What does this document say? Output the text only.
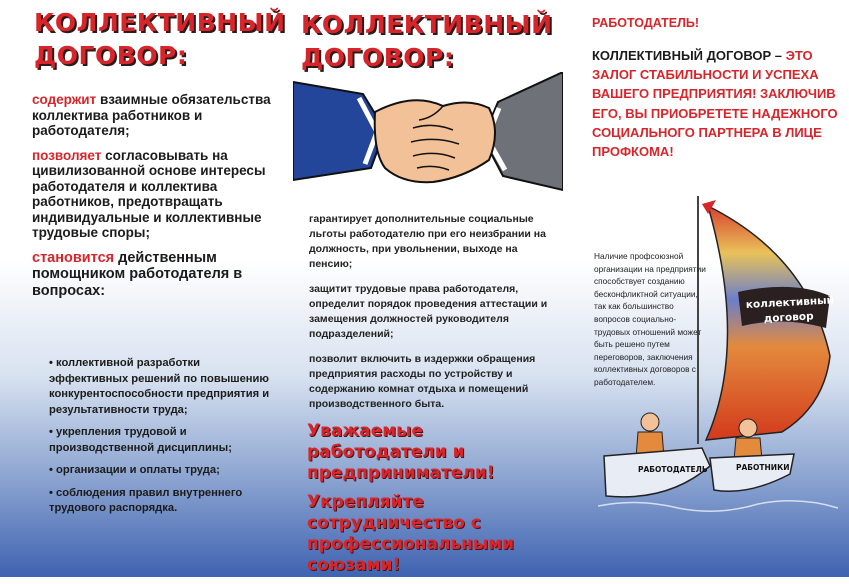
КОЛЛЕКТИВНЫЙ
ДОГОВОР:
содержит взаимные обязательства коллектива работников и работодателя;
позволяет согласовывать на цивилизованной основе интересы работодателя и коллектива работников, предотвращать индивидуальные и коллективные трудовые споры;
становится действенным помощником работодателя в вопросах:
• коллективной разработки эффективных решений по повышению конкурентоспособности предприятия и результативности труда;
• укрепления трудовой и производственной дисциплины;
• организации и оплаты труда;
• соблюдения правил внутреннего трудового распорядка.
КОЛЛЕКТИВНЫЙ
ДОГОВОР:
гарантирует дополнительные социальные льготы работодателю при его неизбрании на должность, при увольнении, выходе на пенсию;
защитит трудовые права работодателя, определит порядок проведения аттестации и замещения должностей руководителя подразделений;
позволит включить в издержки обращения предприятия расходы по устройству и содержанию комнат отдыха и помещений производственного быта.
Уважаемые работодатели и предприниматели!
Укрепляйте сотрудничество с профессиональными союзами!
РАБОТОДАТЕЛЬ!
КОЛЛЕКТИВНЫЙ ДОГОВОР – ЭТО ЗАЛОГ СТАБИЛЬНОСТИ И УСПЕХА ВАШЕГО ПРЕДПРИЯТИЯ! ЗАКЛЮЧИВ ЕГО, ВЫ ПРИОБРЕТЕТЕ НАДЕЖНОГО СОЦИАЛЬНОГО ПАРТНЕРА В ЛИЦЕ ПРОФКОМА!
коллективный
договор
РАБОТОДАТЕЛЬ	РАБОТНИКИ
Наличие профсоюзной организации на предприятии способствует созданию бесконфликтной ситуации, так как большинство вопросов социально-трудовых отношений может быть решено путем переговоров, заключения коллективных договоров с работодателем.
